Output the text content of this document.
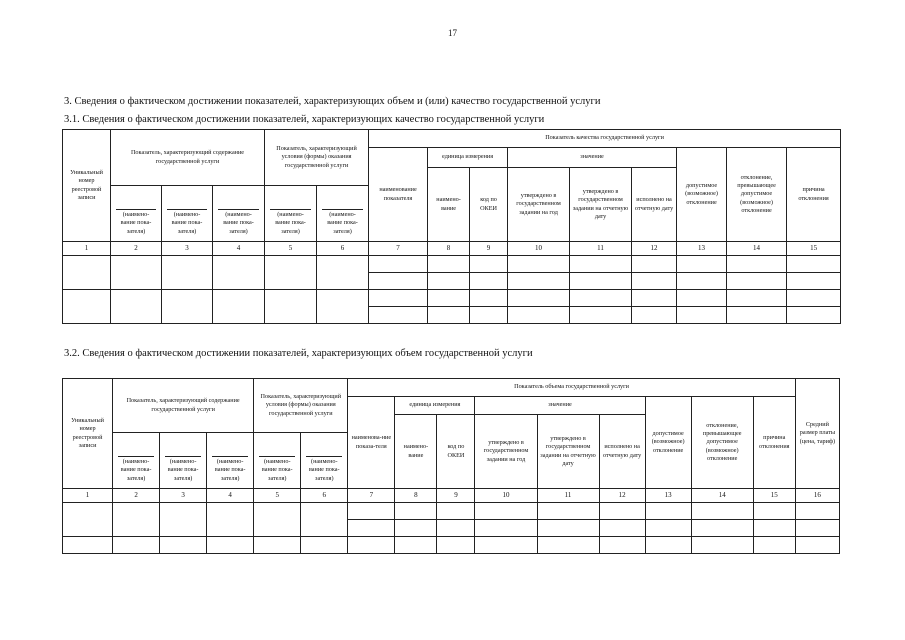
17
3. Сведения о фактическом достижении показателей, характеризующих объем и (или) качество государственной услуги
3.1. Сведения о фактическом достижении показателей, характеризующих качество государственной услуги
Уникальный номер реестровой записи	Показатель, характеризующий содержание государственной услуги			Показатель, характеризующий условия (формы) оказания государственной услуги		Показатель качества государственной услуги								
						наименование показателя	единица измерения		значение			допустимое (возможное) отклонение	отклонение, превышающее допустимое (возможное) отклонение	причина отклонения
							наимено-вание	код по ОКЕИ	утверждено в государственном задании на год	утверждено в государственном задании на отчетную дату	исполнено на отчетную дату			

	(наимено-вание пока-зателя)	(наимено-вание пока-зателя)	(наимено-вание пока-зателя)	(наимено-вание пока-зателя)	(наимено-вание пока-зателя)									

1	2	3	4	5	6	7	8	9	10	11	12	13	14	15

3.2. Сведения о фактическом достижении показателей, характеризующих объем государственной услуги
Уникальный номер реестровой записи	Показатель, характеризующий содержание государственной услуги			Показатель, характеризующий условия (формы) оказания государственной услуги		Показатель объема государственной услуги									Средний размер платы (цена, тариф)
						наименова-ние показа-теля	единица измерения		значение			допустимое (возможное) отклонение	отклонение, превышающее допустимое (возможное) отклонение	причина отклонения	
							наимено-вание	код по ОКЕИ	утверждено в государственном задании на год	утверждено в государственном задании на отчетную дату	исполнено на отчетную дату				

	(наимено-вание пока-зателя)	(наимено-вание пока-зателя)	(наимено-вание пока-зателя)	(наимено-вание пока-зателя)	(наимено-вание пока-зателя)										

1	2	3	4	5	6	7	8	9	10	11	12	13	14	15	16
